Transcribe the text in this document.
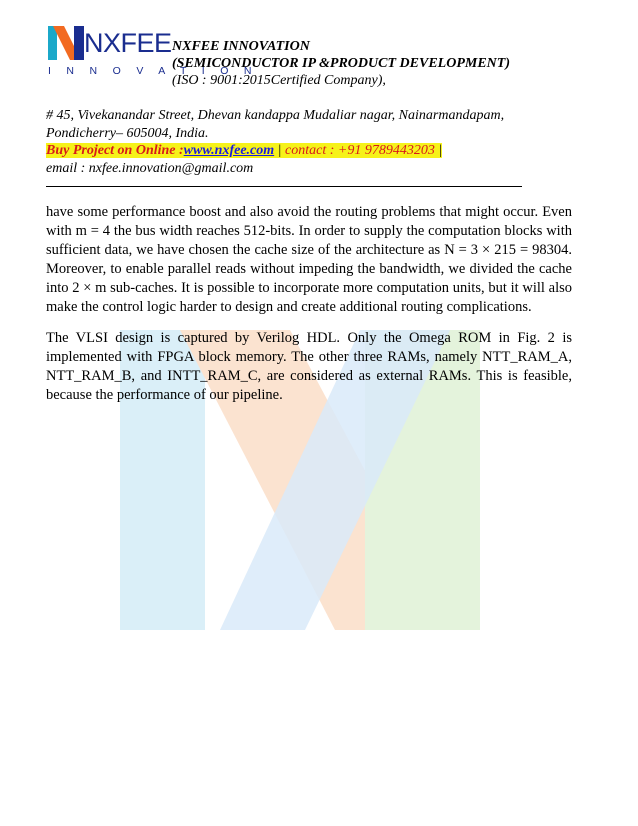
NXFEE
I N N O V A T I O N
NXFEE INNOVATION
(SEMICONDUCTOR IP &PRODUCT DEVELOPMENT)
(ISO : 9001:2015Certified Company),
# 45, Vivekanandar Street, Dhevan kandappa Mudaliar nagar, Nainarmandapam,
Pondicherry– 605004, India.
Buy Project on Online :www.nxfee.com | contact : +91 9789443203 |
email : nxfee.innovation@gmail.com

have some performance boost and also avoid the routing problems that might occur. Even with m = 4 the bus width reaches 512-bits. In order to supply the computation blocks with sufficient data, we have chosen the cache size of the architecture as N = 3 × 215 = 98304. Moreover, to enable parallel reads without impeding the bandwidth, we divided the cache into 2 × m sub-caches. It is possible to incorporate more computation units, but it will also make the control logic harder to design and create additional routing complications.

The VLSI design is captured by Verilog HDL. Only the Omega ROM in Fig. 2 is implemented with FPGA block memory. The other three RAMs, namely NTT_RAM_A, NTT_RAM_B, and INTT_RAM_C, are considered as external RAMs. This is feasible, because the performance of our pipeline.
